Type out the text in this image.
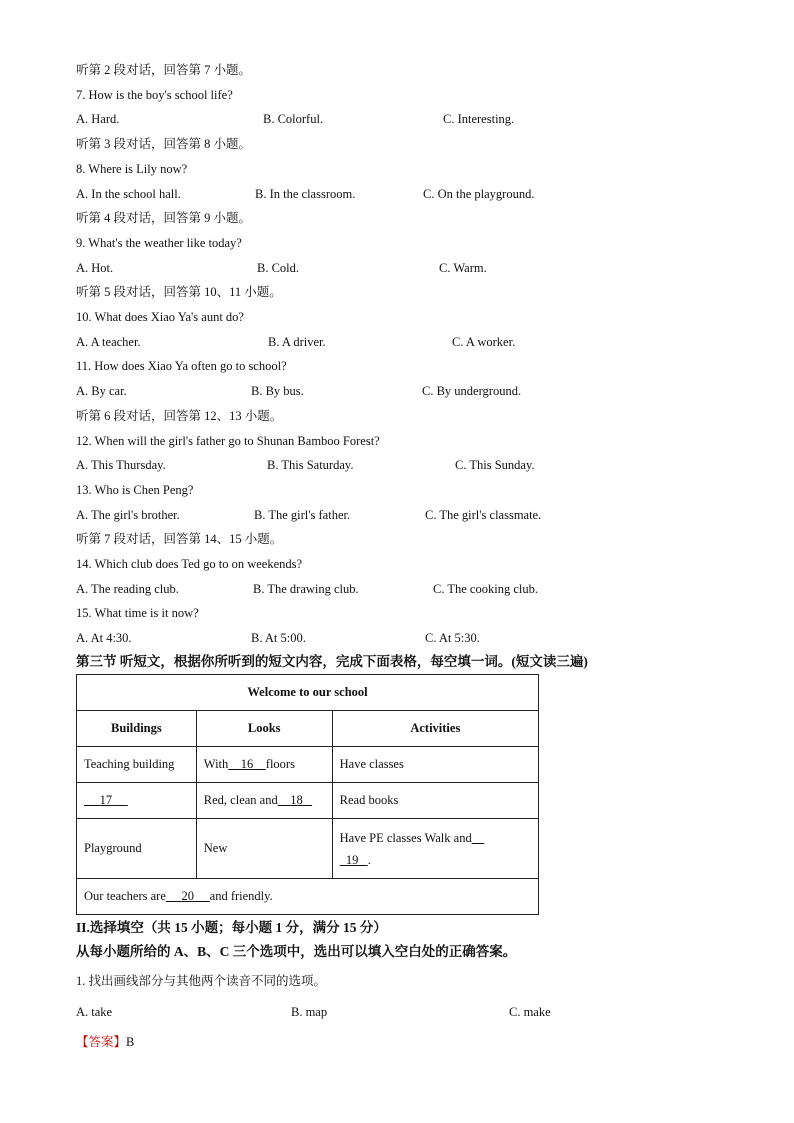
听第 2 段对话，回答第 7 小题。
7. How is the boy's school life?
A. Hard.	B. Colorful.	C. Interesting.
听第 3 段对话，回答第 8 小题。
8. Where is Lily now?
A. In the school hall.	B. In the classroom.	C. On the playground.
听第 4 段对话，回答第 9 小题。
9. What's the weather like today?
A. Hot.	B. Cold.	C. Warm.
听第 5 段对话，回答第 10、11 小题。
10. What does Xiao Ya's aunt do?
A. A teacher.	B. A driver.	C. A worker.
11. How does Xiao Ya often go to school?
A. By car.	B. By bus.	C. By underground.
听第 6 段对话，回答第 12、13 小题。
12. When will the girl's father go to Shunan Bamboo Forest?
A. This Thursday.	B. This Saturday.	C. This Sunday.
13. Who is Chen Peng?
A. The girl's brother.	B. The girl's father.	C. The girl's classmate.
听第 7 段对话，回答第 14、15 小题。
14. Which club does Ted go to on weekends?
A. The reading club.	B. The drawing club.	C. The cooking club.
15. What time is it now?
A. At 4:30.	B. At 5:00.	C. At 5:30.
第三节 听短文，根据你所听到的短文内容，完成下面表格，每空填一词。(短文读三遍)
Welcome to our school		
Buildings	Looks	Activities
Teaching building	With 16 floors	Have classes
17	Red, clean and 18	Read books
Playground	New	Have PE classes Walk and
19 .
Our teachers are 20 and friendly.		
II.选择填空（共 15 小题；每小题 1 分，满分 15 分）
从每小题所给的 A、B、C 三个选项中，选出可以填入空白处的正确答案。
1. 找出画线部分与其他两个读音不同的选项。
A. take	B. map	C. make
【答案】B
